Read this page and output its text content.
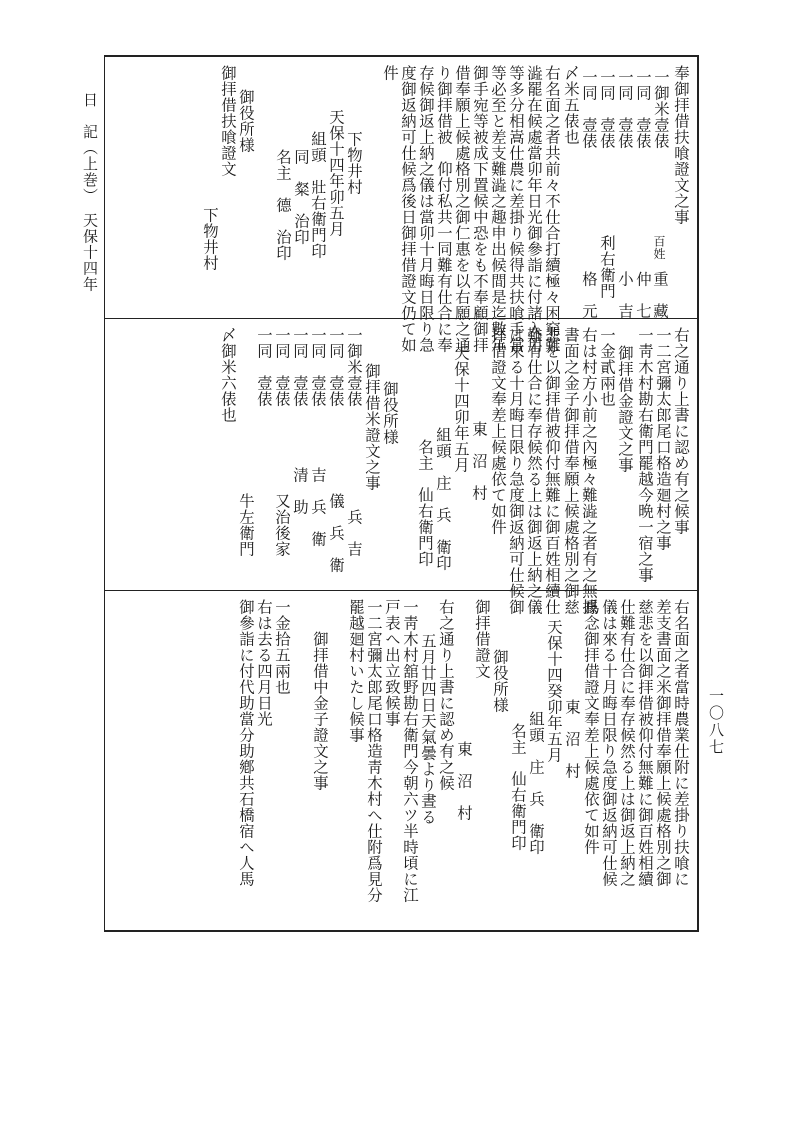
日　記（上巻）　天保十四年
一〇八七
奉御拝借扶喰證文之事
一御米壹俵
百姓
重　藏
一同　壹俵
仲　七
一同　壹俵
小　吉
一同　壹俵
利右衛門
一同　壹俵
格　元
〆米五俵也
右名面之者共前々不仕合打續極々困窮難
澁罷在候處當卯年日光御參詣に付諸入用
等多分相嵩仕農に差掛り候得共扶喰手當
等必至と差支難澁之趣申出候間是迄數年
御手宛等被成下置候中恐をも不奉顧御拝
借奉願上候處格別之御仁惠を以右願之通
り御拝借被　仰付私共一同難有仕合に奉
存候御返上納之儀は當卯十月晦日限り急
度御返納可仕候爲後日御拝借證文仍て如
件
下物井村
天保十四年卯五月
組頭　壯右衛門印
同　粲　治印
名主　德　治印
御役所様
御拝借扶喰證文
下物井村
右之通り上書に認め有之候事
一二宮彌太郎尾口格造廻村之事
一靑木村勘右衛門罷越今晩一宿之事
御拝借金證文之事
一金貳兩也
右は村方小前之內極々難澁之者有之無據
書面之金子御拝借奉願上候處格別之御慈
悲を以御拝借被仰付無難に御百姓相續仕
難有仕合に奉存候然る上は御返上納之儀
は來る十月晦日限り急度御返納可仕候御
拝借證文奉差上候處依て如件
東　沼　村
天保十四卯年五月
組頭　庄　兵　衛印
名主　仙右衛門印
御役所様
御拝借米證文之事
一御米壹俵
兵　吉
一同　壹俵
儀　兵　衛
一同　壹俵
吉　兵　衛
一同　壹俵
清　助
一同　壹俵
又治後家
一同　壹俵
牛左衛門
〆御米六俵也
右名面之者當時農業仕附に差掛り扶喰に
差支書面之米御拝借奉願上候處格別之御
慈悲を以御拝借被仰付無難に御百姓相續
仕難有仕合に奉存候然る上は御返上納之
儀は來る十月晦日限り急度御返納可仕候
爲念御拝借證文奉差上候處依て如件
東　沼　村
天保十四癸卯年五月
組頭　庄　兵　衛印
名主　仙右衛門印
御役所様
御拝借證文
東　沼　村
右之通り上書に認め有之候
五月廿四日天氣曇より晝る
一靑木村舘野勘右衛門今朝六ツ半時頃に江
戸表へ出立致候事
一二宮彌太郎尾口格造靑木村へ仕附爲見分
罷越廻村いたし候事
御拝借中金子證文之事
一金拾五兩也
右は去る四月日光
御參詣に付代助當分助鄕共石橋宿へ人馬
